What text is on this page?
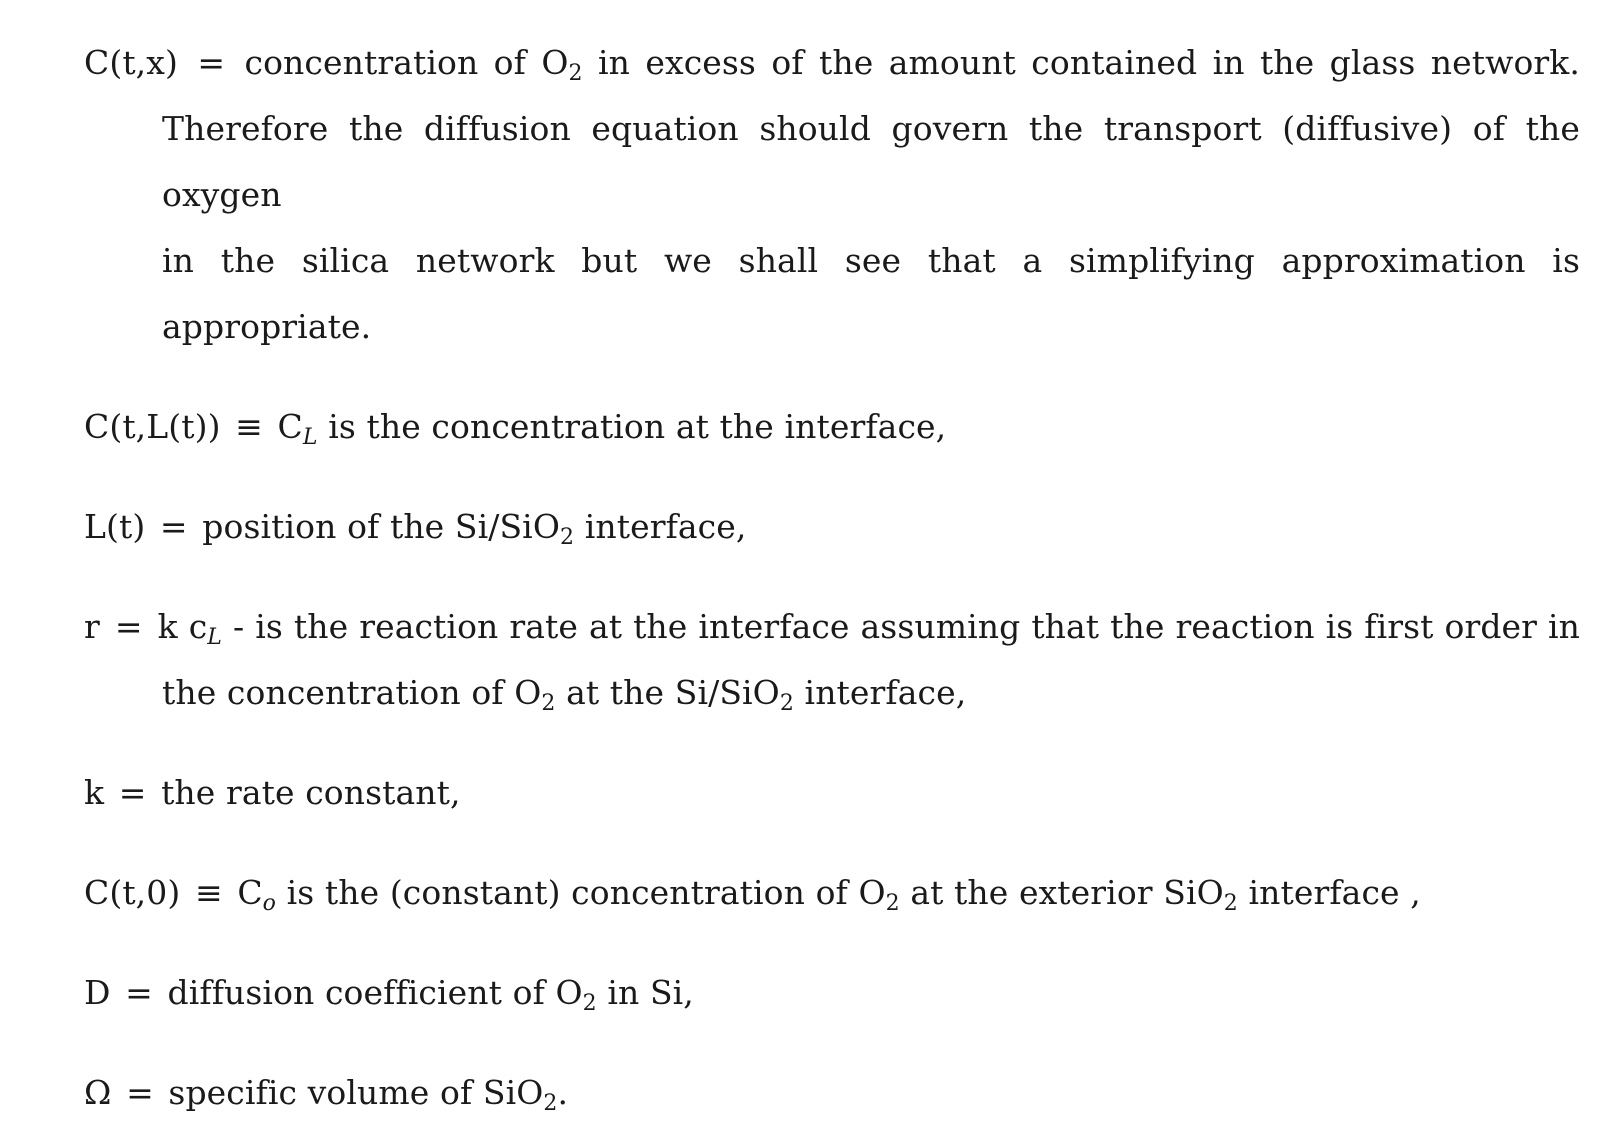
C(t,x) = concentration of $O_2$ in excess of the amount contained in the glass network.
Therefore the diffusion equation should govern the transport (diffusive) of the oxygen
in the silica network but we shall see that a simplifying approximation is appropriate.
$C(t,L(t)) \equiv C_L$ is the concentration at the interface,
L(t) = position of the Si/SiO$_2$ interface,
r = k $c_L$ - is the reaction rate at the interface assuming that the reaction is first order in
the concentration of $O_2$ at the Si/SiO$_2$ interface,
k = the rate constant,
$C(t,0) \equiv C_o$ is the (constant) concentration of $O_2$ at the exterior SiO$_2$ interface ,
D = diffusion coefficient of $O_2$ in Si,
Ω = specific volume of SiO$_2$.
